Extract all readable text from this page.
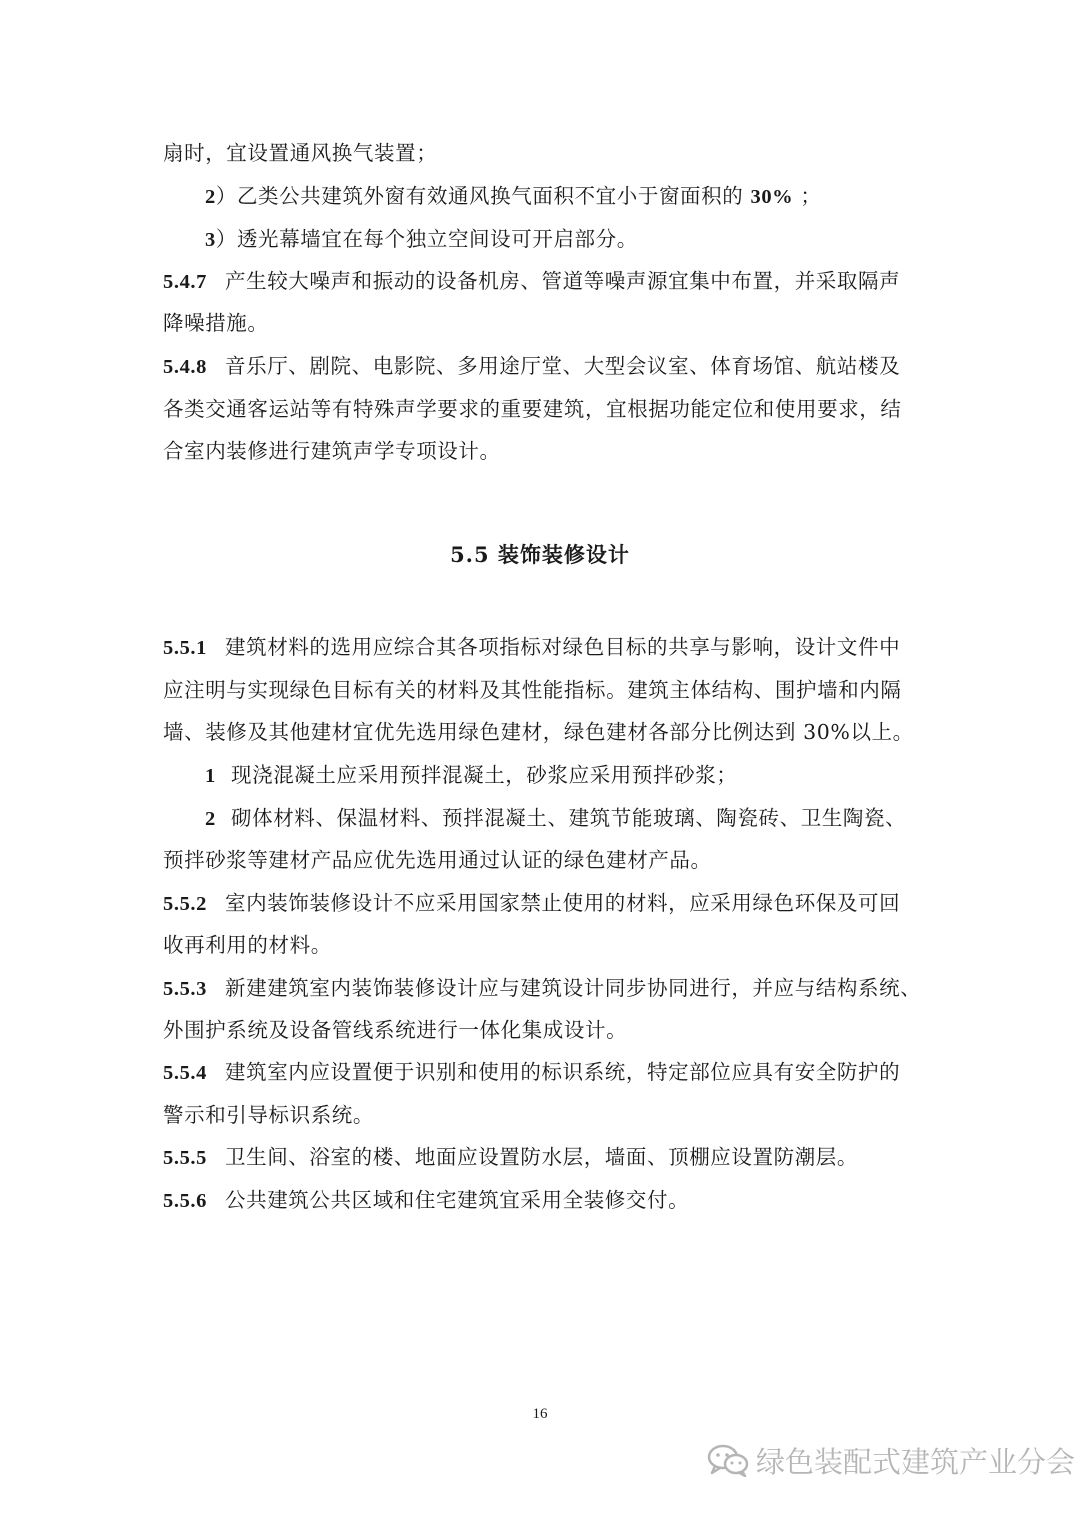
扇时，宜设置通风换气装置；
2）乙类公共建筑外窗有效通风换气面积不宜小于窗面积的 30% ；
3）透光幕墙宜在每个独立空间设可开启部分。
5.4.7 产生较大噪声和振动的设备机房、管道等噪声源宜集中布置，并采取隔声
降噪措施。
5.4.8 音乐厅、剧院、电影院、多用途厅堂、大型会议室、体育场馆、航站楼及
各类交通客运站等有特殊声学要求的重要建筑，宜根据功能定位和使用要求，结
合室内装修进行建筑声学专项设计。
5.5 装饰装修设计
5.5.1 建筑材料的选用应综合其各项指标对绿色目标的共享与影响，设计文件中
应注明与实现绿色目标有关的材料及其性能指标。建筑主体结构、围护墙和内隔
墙、装修及其他建材宜优先选用绿色建材，绿色建材各部分比例达到 30%以上。
1 现浇混凝土应采用预拌混凝土，砂浆应采用预拌砂浆；
2 砌体材料、保温材料、预拌混凝土、建筑节能玻璃、陶瓷砖、卫生陶瓷、
预拌砂浆等建材产品应优先选用通过认证的绿色建材产品。
5.5.2 室内装饰装修设计不应采用国家禁止使用的材料，应采用绿色环保及可回
收再利用的材料。
5.5.3 新建建筑室内装饰装修设计应与建筑设计同步协同进行，并应与结构系统、
外围护系统及设备管线系统进行一体化集成设计。
5.5.4 建筑室内应设置便于识别和使用的标识系统，特定部位应具有安全防护的
警示和引导标识系统。
5.5.5 卫生间、浴室的楼、地面应设置防水层，墙面、顶棚应设置防潮层。
5.5.6 公共建筑公共区域和住宅建筑宜采用全装修交付。
16
绿色装配式建筑产业分会
